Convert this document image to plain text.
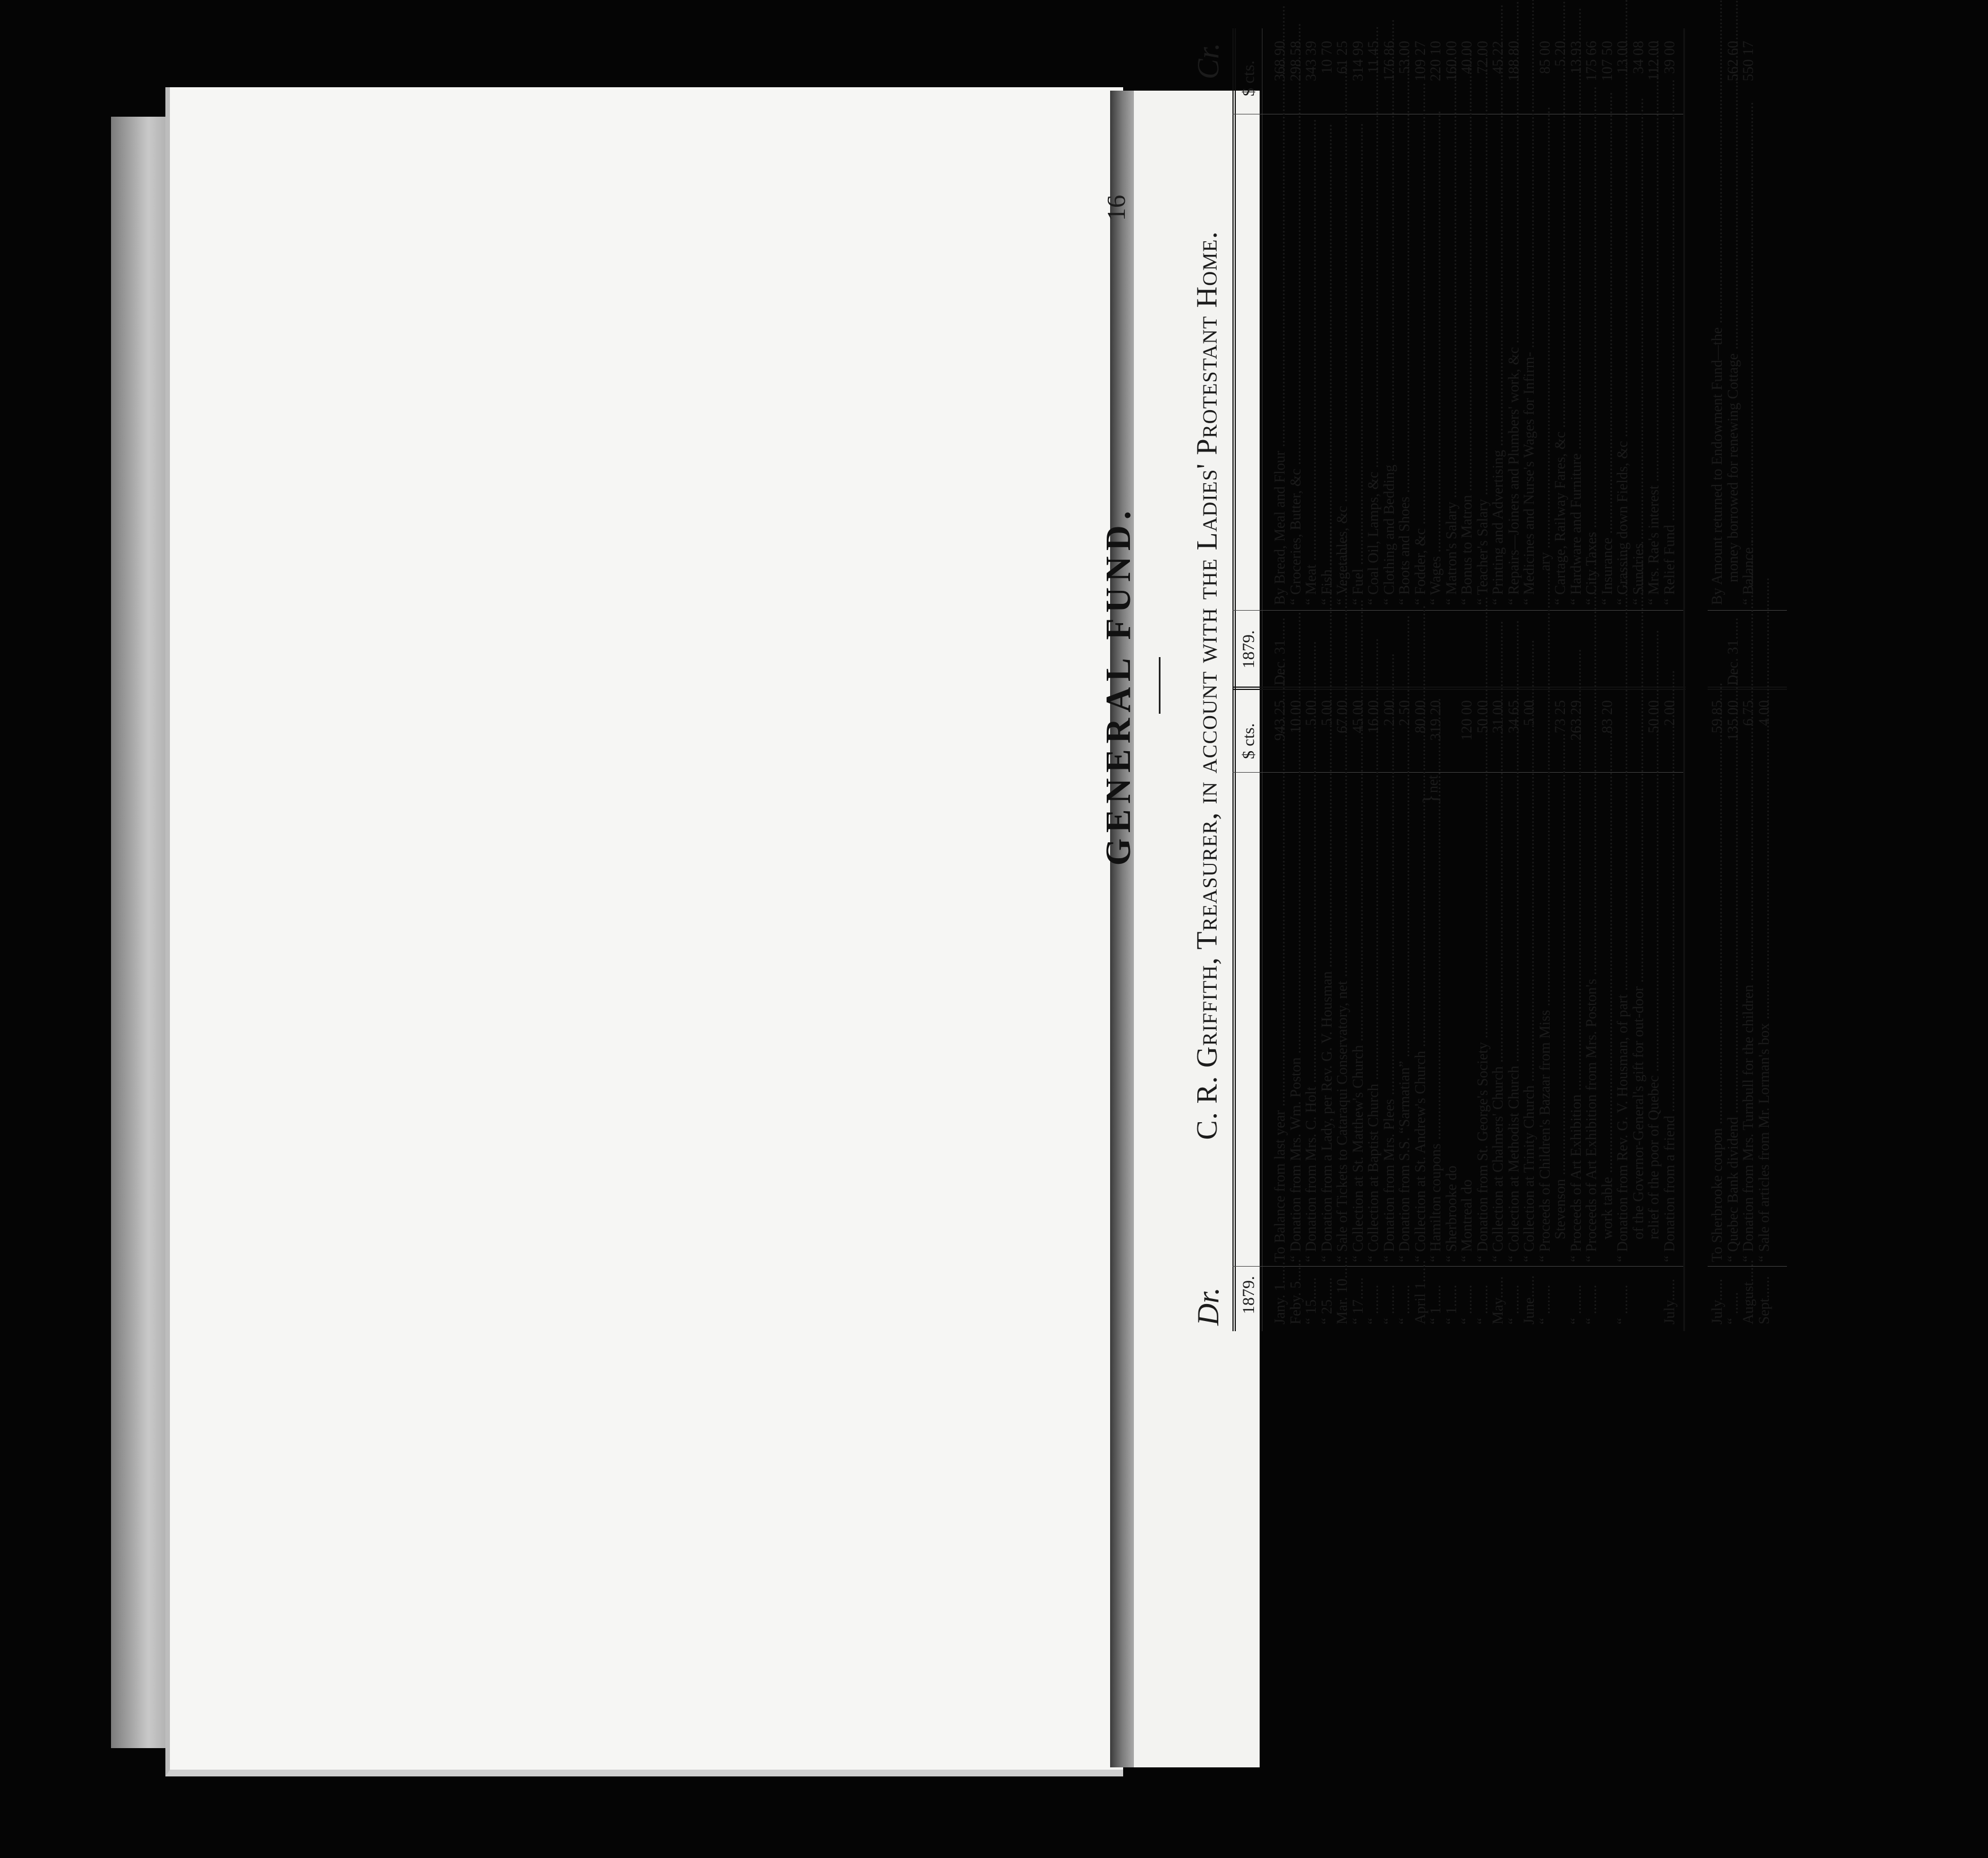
16
GENERAL FUND.
Dr.
C. R. Griffith, Treasurer, in account with the Ladies' Protestant Home.
Cr.
1879.
$ cts.
1879.
$ cts.
Dec. 31......
}
net
Dec. 31......
Jany. 1......
To Balance from last year .....
943 25
Feby. 5......
“ Donation from Mrs. Wm. Poston .....
10 00
“ 15......
“ Donation from Mrs. C. Holt .....
5 00
“ 25......
“ Donation from a Lady, per Rev. G. V. Housman .....
5 00
Mar. 10......
“ Sale of Tickets to Cataraqui Conservatory, net .....
67 00
“ 17......
“ Collection at St. Matthew's Church .....
45 00
“ ........
“ Collection at Baptist Church .....
16 00
“ ........
“ Donation from Mrs. Plees .....
2 00
“ ........
“ Donation from S.S. “Sarmatian” .....
2 50
April 1......
“ Collection at St. Andrew's Church .....
80 00
“ 1......
“ Hamilton coupons .....
319 20
“ 1......
“ Sherbrooke do
“ ........
“ Montreal do
120 00
“ ........
“ Donation from St. George's Society .....
50 00
May......
“ Collection at Chalmers' Church .....
31 00
“ ........
“ Collection at Methodist Church .....
34 65
June......
“ Collection at Trinity Church .....
5 00
“ ........
“ Proceeds of Children's Bazaar from Miss .....
Stevenson .....
73 25
“ ........
“ Proceeds of Art Exhibition .....
263 29
“ ........
“ Proceeds of Art Exhibition from Mrs. Poston's .....
work table .....
83 20
“ ........
“ Donation from Rev. G. V. Housman, of part .....
of the Governor-General's gift for out-door .....
relief of the poor of Quebec .....
50 00
July......
“ Donation from a friend .....
2 00
By Bread, Meal and Flour .....
368 90
“ Groceries, Butter, &c .....
298 58
“ Meat .....
343 39
“ Fish .....
10 70
“ Vegetables, &c .....
61 25
“ Fuel .....
314 99
“ Coal Oil, Lamps, &c .....
11 45
“ Clothing and Bedding .....
176 86
“ Boots and Shoes .....
53 00
“ Fodder, &c .....
109 27
“ Wages .....
220 10
“ Matron's Salary .....
160 00
“ Bonus to Matron .....
40 00
“ Teacher's Salary .....
72 00
“ Printing and Advertising .....
45 22
“ Repairs—Joiners and Plumbers' work, &c .....
188 80
“ Medicines and Nurse's Wages for Infirm- .....
ary .....
85 00
“ Cartage, Railway Fares, &c .....
5 20
“ Hardware and Furniture .....
13 93
“ City Taxes .....
175 66
“ Insurance .....
107 50
“ Grassing down Fields, &c .....
13 00
“ Sundries .....
34 08
“ Mrs. Rae's interest .....
112 00
“ Relief Fund .....
39 00
July......
To Sherbrooke coupon .....
59 85
“ ......
“ Quebec Bank dividend .....
135 00
August......
“ Donation from Mrs. Turnbull for the children .....
6 75
Sept......
“ Sale of articles from Mr. Lorman's box .....
4 00
By Amount returned to Endowment Fund—the .....
money borrowed for renewing Cottage .....
562 60
“ Balance .....
550 17
